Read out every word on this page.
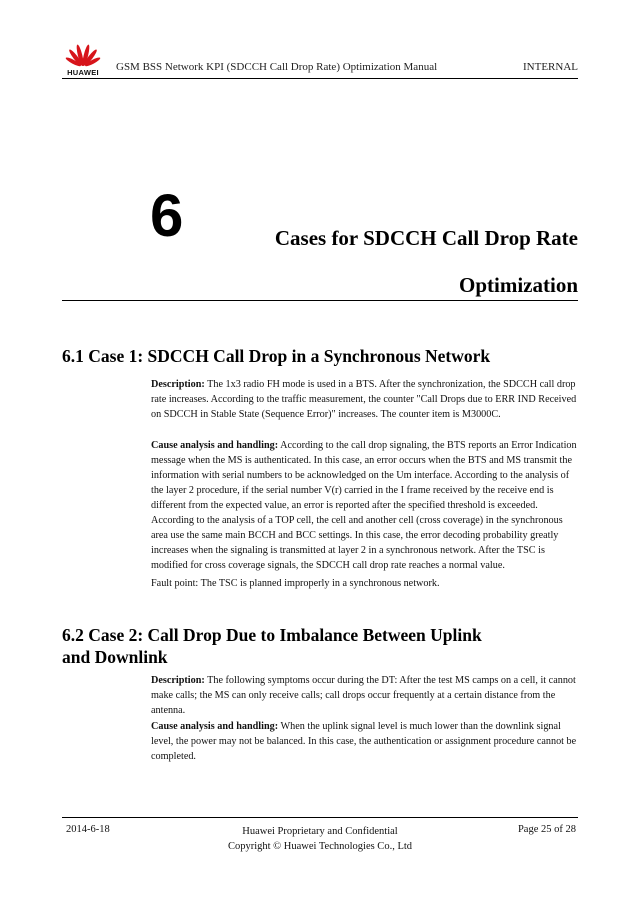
HUAWEI	GSM BSS Network KPI (SDCCH Call Drop Rate) Optimization Manual	INTERNAL
6	Cases for SDCCH Call Drop Rate
Optimization
6.1 Case 1: SDCCH Call Drop in a Synchronous Network

Description: The 1x3 radio FH mode is used in a BTS. After the synchronization, the SDCCH call drop rate increases. According to the traffic measurement, the counter "Call Drops due to ERR IND Received on SDCCH in Stable State (Sequence Error)" increases. The counter item is M3000C.

Cause analysis and handling: According to the call drop signaling, the BTS reports an Error Indication message when the MS is authenticated. In this case, an error occurs when the BTS and MS transmit the information with serial numbers to be acknowledged on the Um interface. According to the analysis of the layer 2 procedure, if the serial number V(r) carried in the I frame received by the receive end is different from the expected value, an error is reported after the specified threshold is exceeded. According to the analysis of a TOP cell, the cell and another cell (cross coverage) in the synchronous area use the same main BCCH and BCC settings. In this case, the error decoding probability greatly increases when the signaling is transmitted at layer 2 in a synchronous network. After the TSC is modified for cross coverage signals, the SDCCH call drop rate reaches a normal value.

Fault point: The TSC is planned improperly in a synchronous network.

6.2 Case 2: Call Drop Due to Imbalance Between Uplink
and Downlink

Description: The following symptoms occur during the DT: After the test MS camps on a cell, it cannot make calls; the MS can only receive calls; call drops occur frequently at a certain distance from the antenna.

Cause analysis and handling: When the uplink signal level is much lower than the downlink signal level, the power may not be balanced. In this case, the authentication or assignment procedure cannot be completed.

2014-6-18	Huawei Proprietary and Confidential
Copyright © Huawei Technologies Co., Ltd
Page 25 of 28
